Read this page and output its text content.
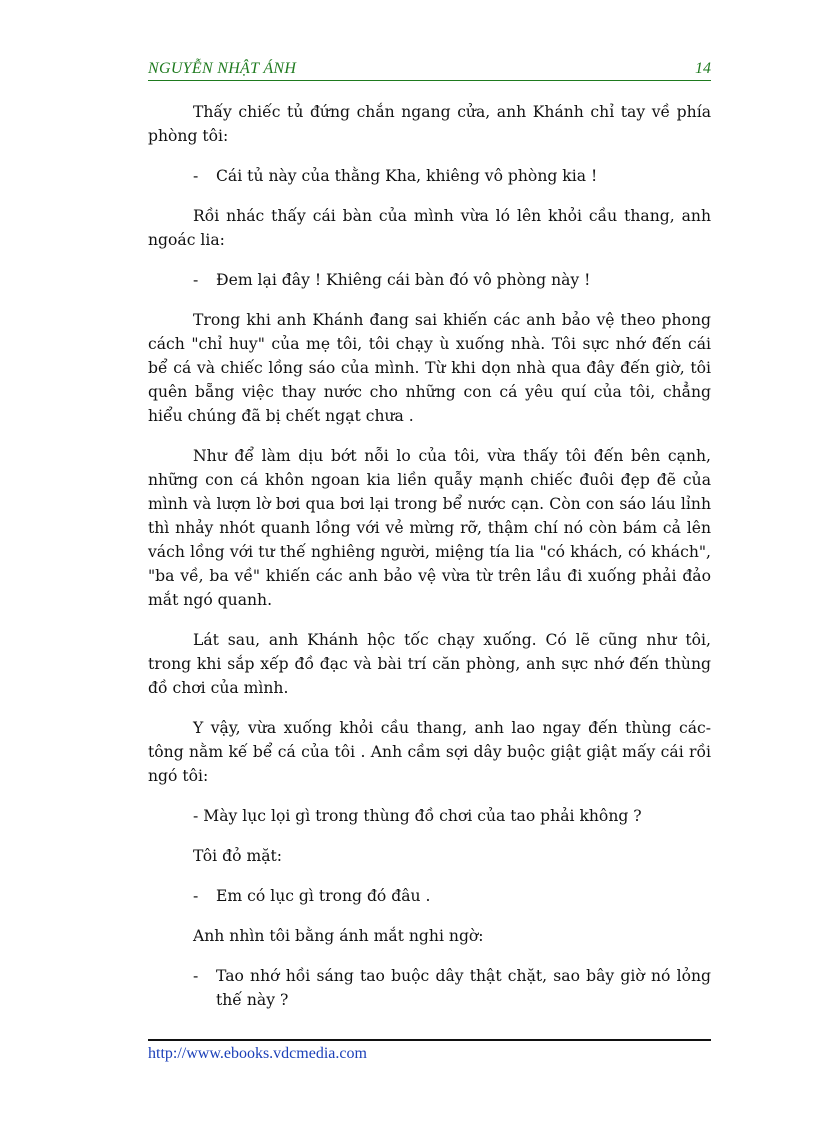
NGUYỄN NHẬT ÁNH	14

Thấy chiếc tủ đứng chắn ngang cửa, anh Khánh chỉ tay về phía phòng tôi:

- Cái tủ này của thằng Kha, khiêng vô phòng kia !

Rồi nhác thấy cái bàn của mình vừa ló lên khỏi cầu thang, anh ngoác lia:

- Đem lại đây ! Khiêng cái bàn đó vô phòng này !

Trong khi anh Khánh đang sai khiến các anh bảo vệ theo phong cách "chỉ huy" của mẹ tôi, tôi chạy ù xuống nhà. Tôi sực nhớ đến cái bể cá và chiếc lồng sáo của mình. Từ khi dọn nhà qua đây đến giờ, tôi quên bẵng việc thay nước cho những con cá yêu quí của tôi, chẳng hiểu chúng đã bị chết ngạt chưa .

Như để làm dịu bớt nỗi lo của tôi, vừa thấy tôi đến bên cạnh, những con cá khôn ngoan kia liền quẫy mạnh chiếc đuôi đẹp đẽ của mình và lượn lờ bơi qua bơi lại trong bể nước cạn. Còn con sáo láu lỉnh thì nhảy nhót quanh lồng với vẻ mừng rỡ, thậm chí nó còn bám cả lên vách lồng với tư thế nghiêng người, miệng tía lia "có khách, có khách", "ba về, ba về" khiến các anh bảo vệ vừa từ trên lầu đi xuống phải đảo mắt ngó quanh.

Lát sau, anh Khánh hộc tốc chạy xuống. Có lẽ cũng như tôi, trong khi sắp xếp đồ đạc và bài trí căn phòng, anh sực nhớ đến thùng đồ chơi của mình.

Y vậy, vừa xuống khỏi cầu thang, anh lao ngay đến thùng các-tông nằm kế bể cá của tôi . Anh cầm sợi dây buộc giật giật mấy cái rồi ngó tôi:

- Mày lục lọi gì trong thùng đồ chơi của tao phải không ?

Tôi đỏ mặt:

- Em có lục gì trong đó đâu .

Anh nhìn tôi bằng ánh mắt nghi ngờ:

- Tao nhớ hồi sáng tao buộc dây thật chặt, sao bây giờ nó lỏng thế này ?

http://www.ebooks.vdcmedia.com
